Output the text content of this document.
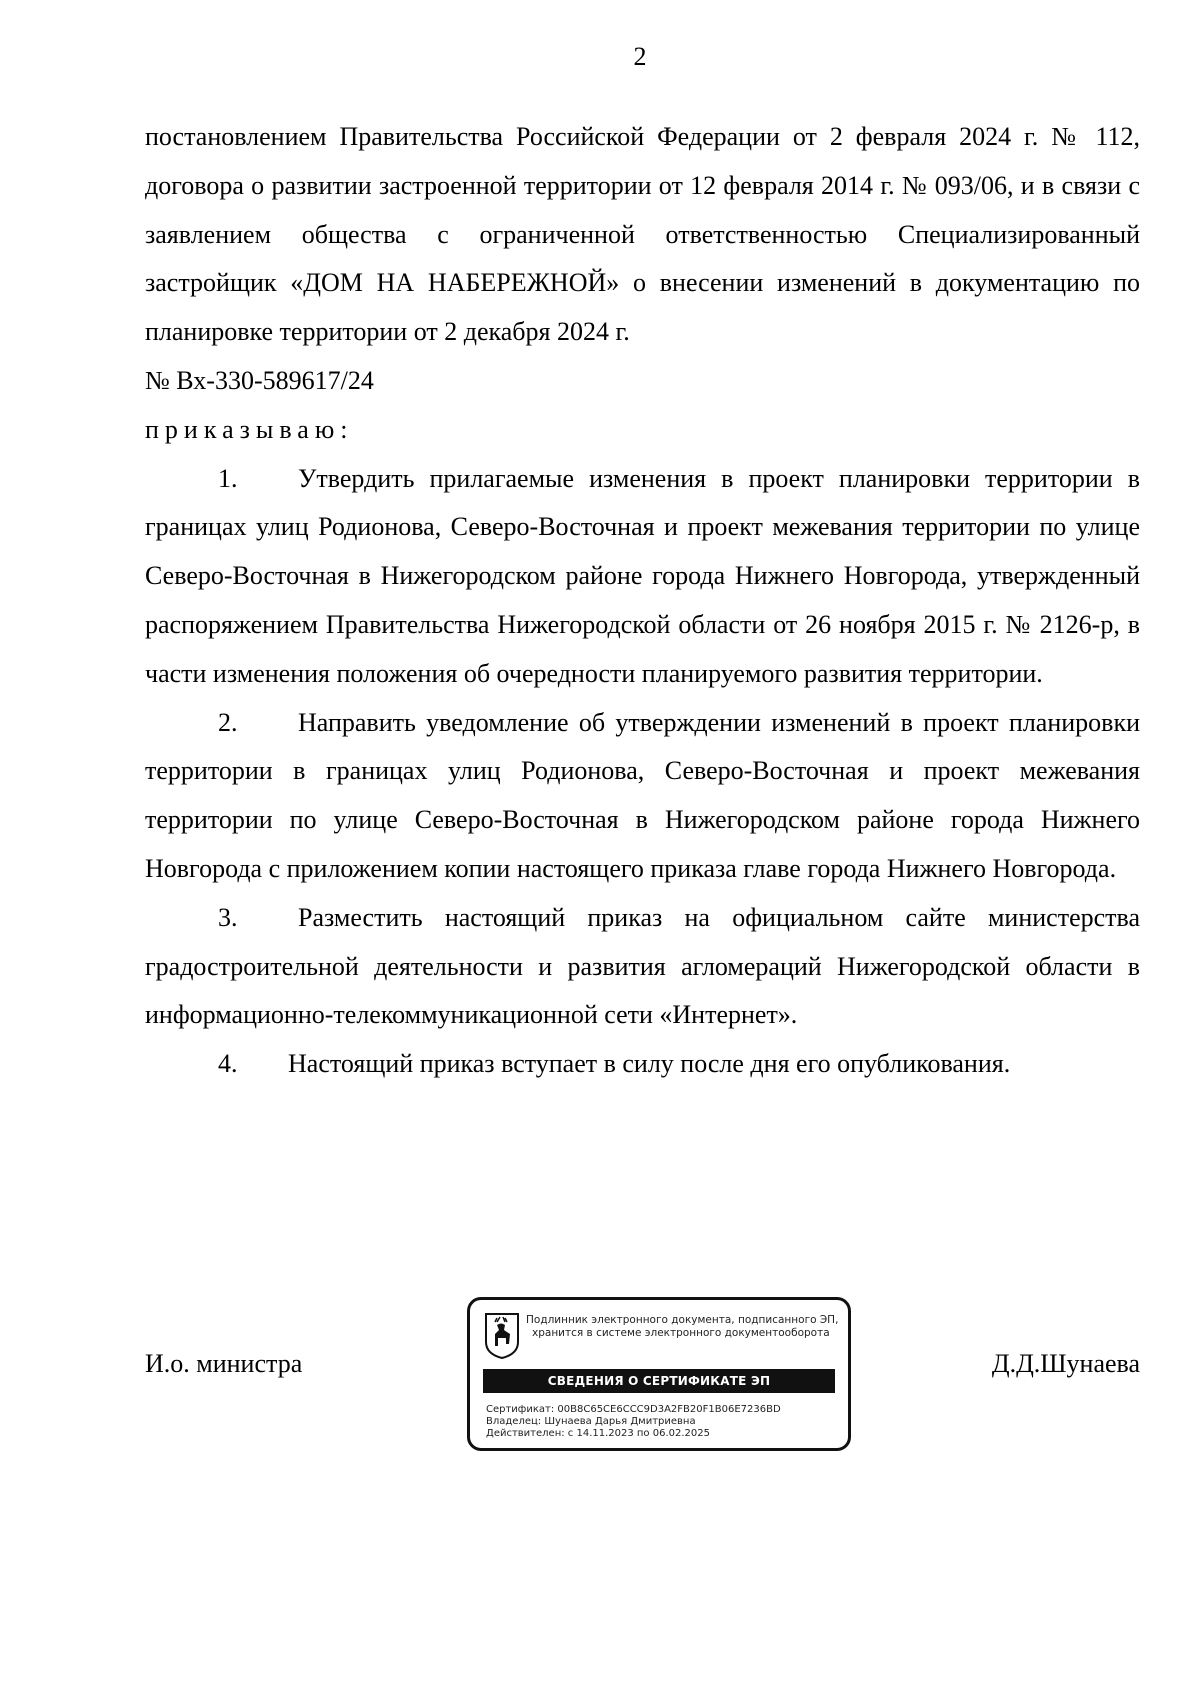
2

постановлением Правительства Российской Федерации от 2 февраля 2024 г. № 112, договора о развитии застроенной территории от 12 февраля 2014 г. № 093/06, и в связи с заявлением общества с ограниченной ответственностью Специализированный застройщик «ДОМ НА НАБЕРЕЖНОЙ» о внесении изменений в документацию по планировке территории от 2 декабря 2024 г.
№ Вх-330-589617/24

приказываю:

1. Утвердить прилагаемые изменения в проект планировки территории в границах улиц Родионова, Северо-Восточная и проект межевания территории по улице Северо-Восточная в Нижегородском районе города Нижнего Новгорода, утвержденный распоряжением Правительства Нижегородской области от 26 ноября 2015 г. № 2126-р, в части изменения положения об очередности планируемого развития территории.

2. Направить уведомление об утверждении изменений в проект планировки территории в границах улиц Родионова, Северо-Восточная и проект межевания территории по улице Северо-Восточная в Нижегородском районе города Нижнего Новгорода с приложением копии настоящего приказа главе города Нижнего Новгорода.

3. Разместить настоящий приказ на официальном сайте министерства градостроительной деятельности и развития агломераций Нижегородской области в информационно-телекоммуникационной сети «Интернет».

4. Настоящий приказ вступает в силу после дня его опубликования.

И.о. министра
Подлинник электронного документа, подписанного ЭП,
хранится в системе электронного документооборота
СВЕДЕНИЯ О СЕРТИФИКАТЕ ЭП
Сертификат: 00B8C65CE6CCC9D3A2FB20F1B06E7236BD
Владелец: Шунаева Дарья Дмитриевна
Действителен: с 14.11.2023 по 06.02.2025
Д.Д.Шунаева
